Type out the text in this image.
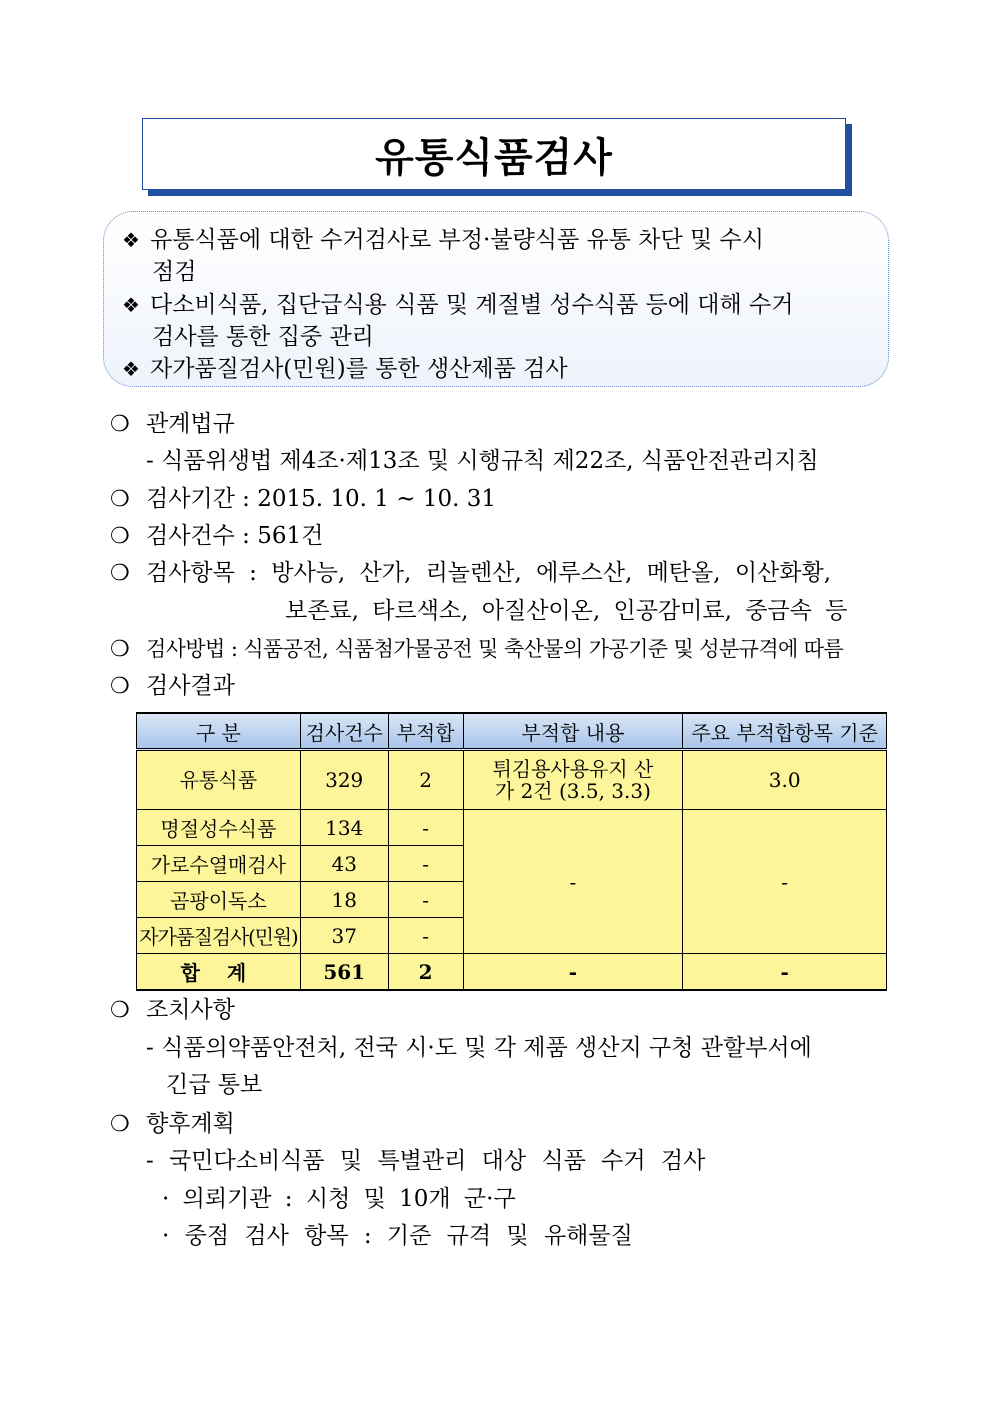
유통식품검사
❖ 유통식품에 대한 수거검사로 부정·불량식품 유통 차단 및 수시
점검
❖ 다소비식품, 집단급식용 식품 및 계절별 성수식품 등에 대해 수거
검사를 통한 집중 관리
❖ 자가품질검사(민원)를 통한 생산제품 검사
❍ 관계법규
- 식품위생법 제4조·제13조 및 시행규칙 제22조, 식품안전관리지침
❍ 검사기간 : 2015. 10. 1 ~ 10. 31
❍ 검사건수 : 561건
❍ 검사항목 : 방사능, 산가, 리놀렌산, 에루스산, 메탄올, 이산화황,
보존료, 타르색소, 아질산이온, 인공감미료, 중금속 등
❍ 검사방법 : 식품공전, 식품첨가물공전 및 축산물의 가공기준 및 성분규격에 따름
❍ 검사결과
구 분	검사건수	부적합	부적합 내용	주요 부적합항목 기준
유통식품	329	2	튀김용사용유지 산가 2건 (3.5, 3.3)	3.0
명절성수식품	134	-	-	-
가로수열매검사	43	-		
곰팡이독소	18	-		
자가품질검사(민원)	37	-		
합 계	561	2	-	-
❍ 조치사항
- 식품의약품안전처, 전국 시·도 및 각 제품 생산지 구청 관할부서에
긴급 통보
❍ 향후계획
- 국민다소비식품 및 특별관리 대상 식품 수거 검사
· 의뢰기관 : 시청 및 10개 군·구
· 중점 검사 항목 : 기준 규격 및 유해물질
